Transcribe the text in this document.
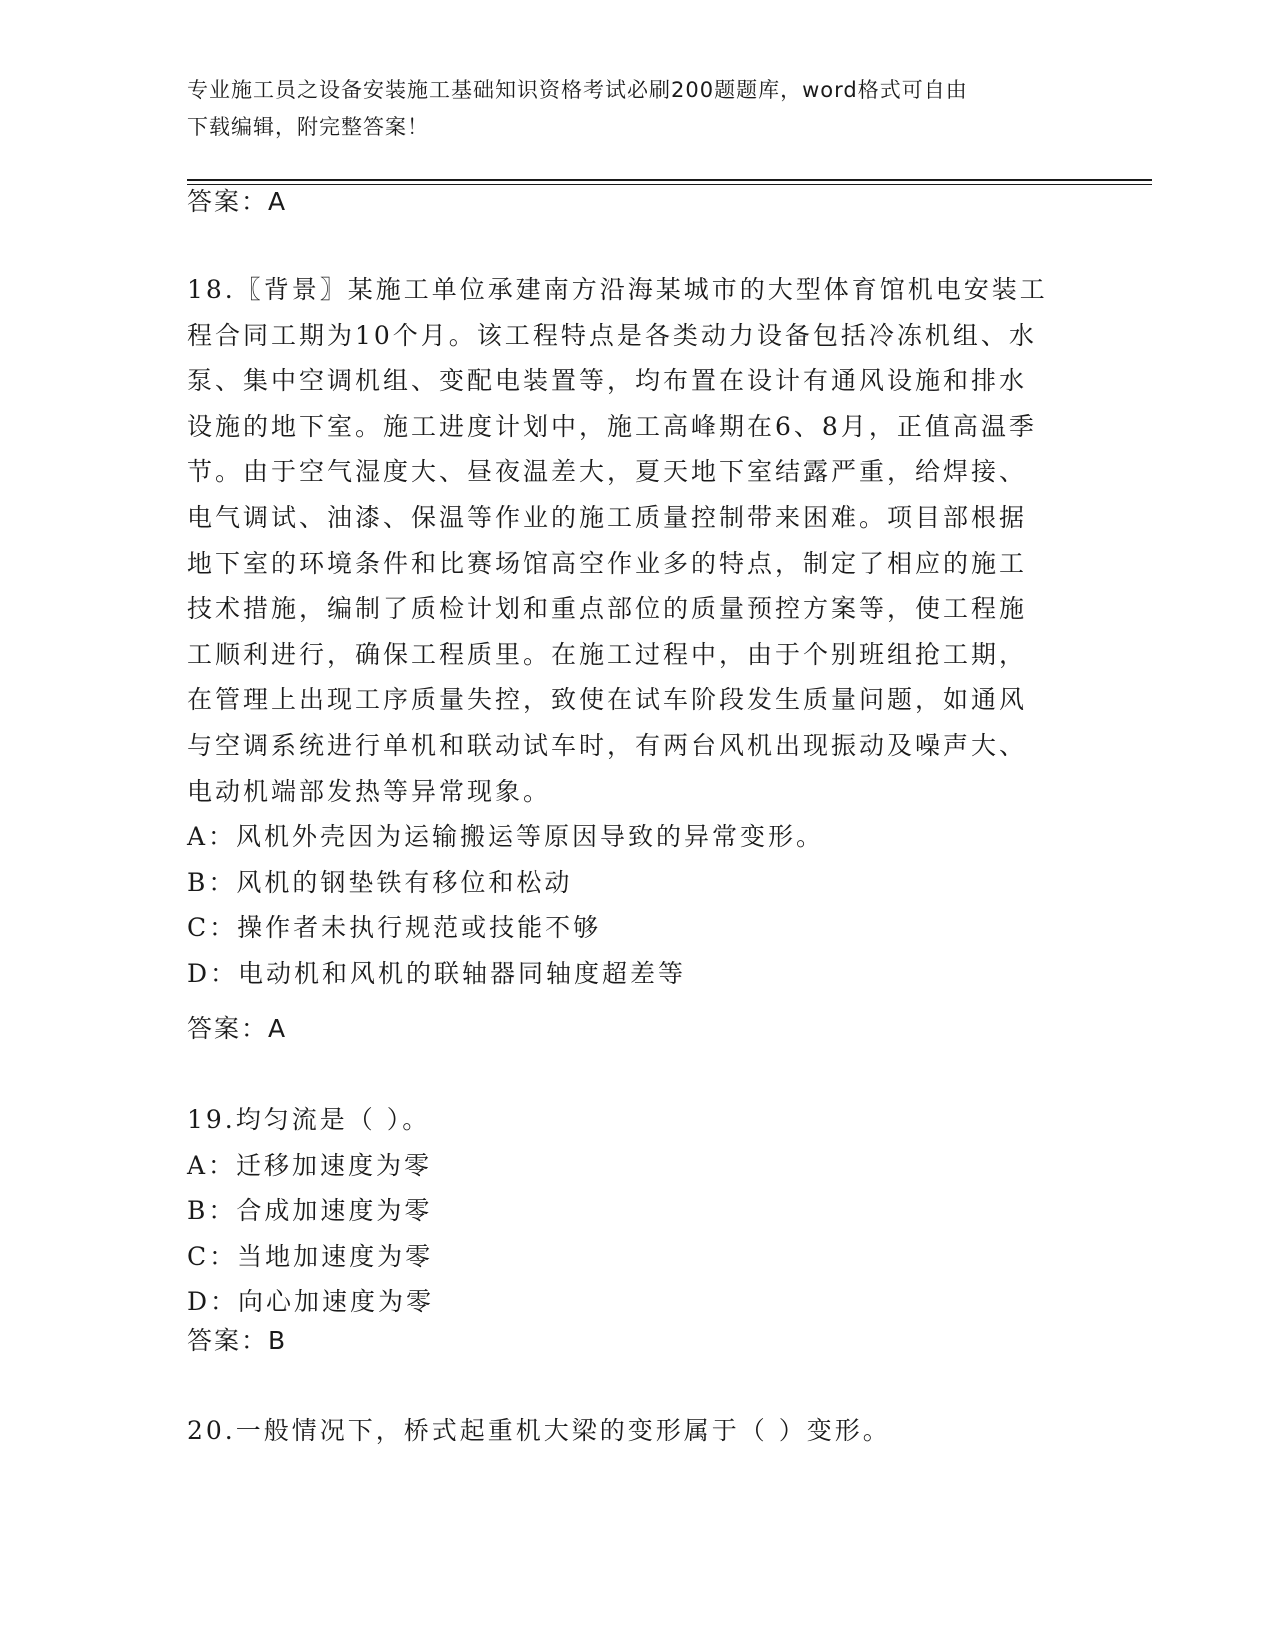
专业施工员之设备安装施工基础知识资格考试必刷200题题库，word格式可自由
下载编辑，附完整答案！
答案：A
18.〖背景〗某施工单位承建南方沿海某城市的大型体育馆机电安装工
程合同工期为10个月。该工程特点是各类动力设备包括冷冻机组、水
泵、集中空调机组、变配电装置等，均布置在设计有通风设施和排水
设施的地下室。施工进度计划中，施工高峰期在6、8月，正值高温季
节。由于空气湿度大、昼夜温差大，夏天地下室结露严重，给焊接、
电气调试、油漆、保温等作业的施工质量控制带来困难。项目部根据
地下室的环境条件和比赛场馆高空作业多的特点，制定了相应的施工
技术措施，编制了质检计划和重点部位的质量预控方案等，使工程施
工顺利进行，确保工程质里。在施工过程中，由于个别班组抢工期，
在管理上出现工序质量失控，致使在试车阶段发生质量问题，如通风
与空调系统进行单机和联动试车时，有两台风机出现振动及噪声大、
电动机端部发热等异常现象。
A：风机外壳因为运输搬运等原因导致的异常变形。
B：风机的钢垫铁有移位和松动
C：操作者未执行规范或技能不够
D：电动机和风机的联轴器同轴度超差等
答案：A
19.均匀流是（ ）。
A：迁移加速度为零
B：合成加速度为零
C：当地加速度为零
D：向心加速度为零
答案：B
20.一般情况下，桥式起重机大梁的变形属于（ ）变形。
